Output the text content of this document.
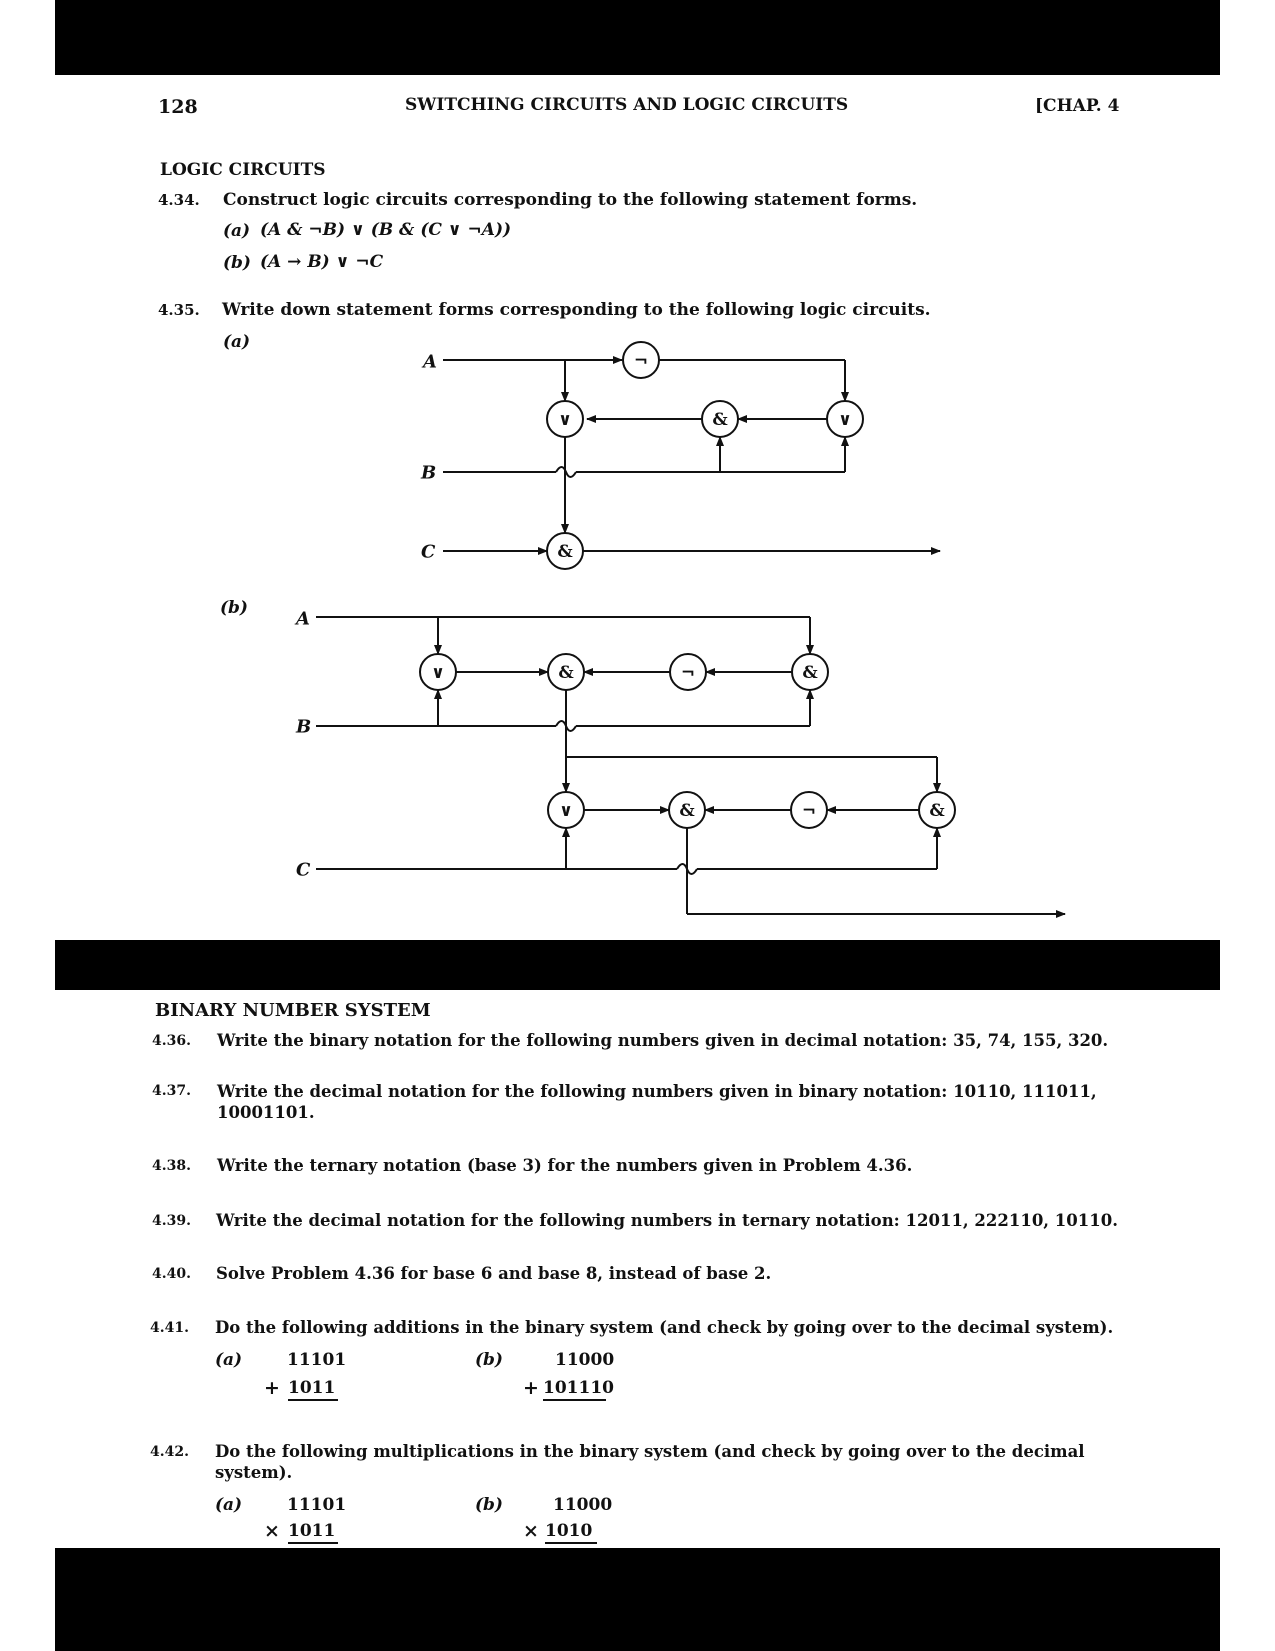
128	SWITCHING CIRCUITS AND LOGIC CIRCUITS	[CHAP. 4
LOGIC CIRCUITS
4.34. Construct logic circuits corresponding to the following statement forms.
(a) (A & ¬B) ∨ (B & (C ∨ ¬A))
(b) (A → B) ∨ ¬C
4.35. Write down statement forms corresponding to the following logic circuits.
(a)
(b)
¬
∨	&	∨
&
∨	&	¬	&
∨	&	¬	&
A
B
C
A
B
C
BINARY NUMBER SYSTEM
4.36. Write the binary notation for the following numbers given in decimal notation: 35, 74, 155, 320.
4.37. Write the decimal notation for the following numbers given in binary notation: 10110, 111011,
10001101.
4.38. Write the ternary notation (base 3) for the numbers given in Problem 4.36.
4.39. Write the decimal notation for the following numbers in ternary notation: 12011, 222110, 10110.
4.40. Solve Problem 4.36 for base 6 and base 8, instead of base 2.
4.41. Do the following additions in the binary system (and check by going over to the decimal system).
(a)	11101
+ 1011
(b)	11000
+ 101110
4.42. Do the following multiplications in the binary system (and check by going over to the decimal
system).
(a)	11101
× 1011
(b)	11000
× 1010
